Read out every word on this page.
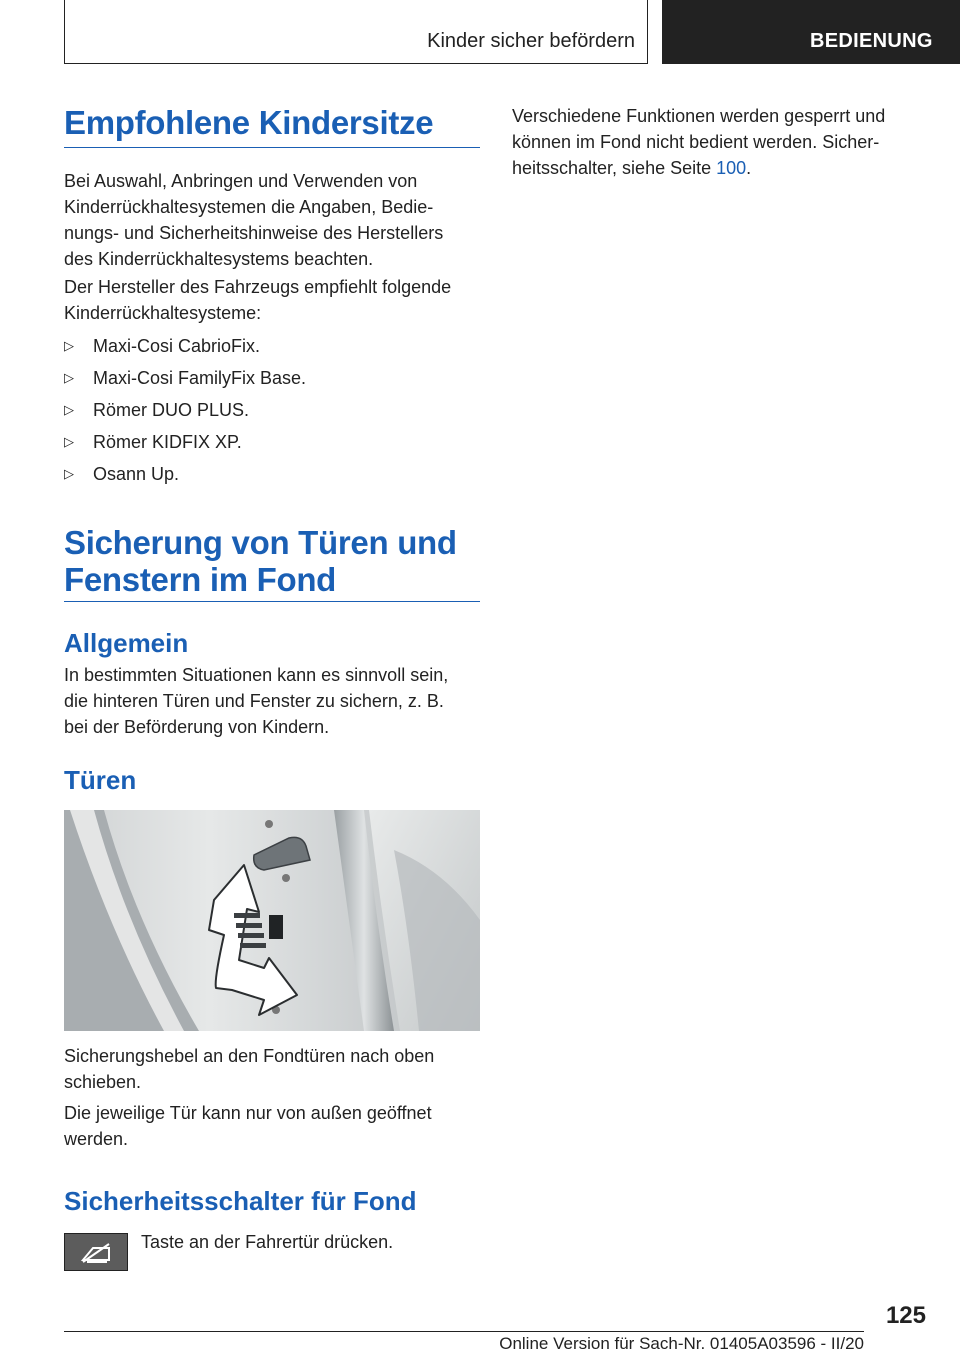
Kinder sicher befördern	BEDIENUNG
Empfohlene Kindersitze

Bei Auswahl, Anbringen und Verwenden von

Kinderrückhaltesystemen die Angaben, Bedie-

nungs- und Sicherheitshinweise des Herstellers

des Kinderrückhaltesystems beachten.

Der Hersteller des Fahrzeugs empfiehlt folgende

Kinderrückhaltesysteme:

▷ Maxi-Cosi CabrioFix.
▷ Maxi-Cosi FamilyFix Base.
▷ Römer DUO PLUS.
▷ Römer KIDFIX XP.
▷ Osann Up.
Sicherung von Türen und
Fenstern im Fond
Allgemein

In bestimmten Situationen kann es sinnvoll sein,

die hinteren Türen und Fenster zu sichern, z. B.

bei der Beförderung von Kindern.

Türen

Sicherungshebel an den Fondtüren nach oben

schieben.

Die jeweilige Tür kann nur von außen geöffnet

werden.

Sicherheitsschalter für Fond

Taste an der Fahrertür drücken.

Verschiedene Funktionen werden gesperrt und

können im Fond nicht bedient werden. Sicher-

heitsschalter, siehe Seite 100.

125
Online Version für Sach-Nr. 01405A03596 - II/20
